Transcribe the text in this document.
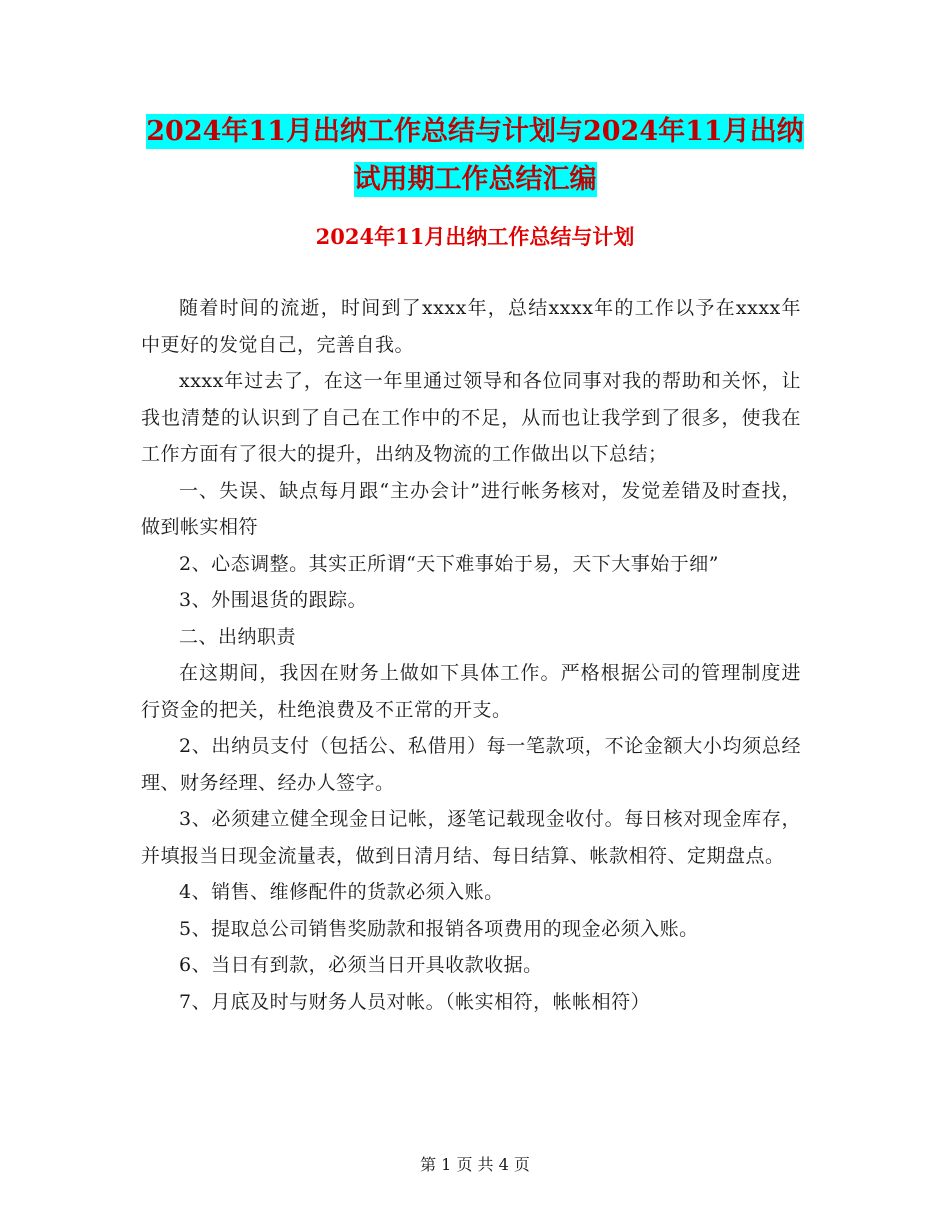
2024年11月出纳工作总结与计划与2024年11月出纳
试用期工作总结汇编
2024年11月出纳工作总结与计划

随着时间的流逝，时间到了xxxx年，总结xxxx年的工作以予在xxxx年中更好的发觉自己，完善自我。

xxxx年过去了，在这一年里通过领导和各位同事对我的帮助和关怀，让我也清楚的认识到了自己在工作中的不足，从而也让我学到了很多，使我在工作方面有了很大的提升，出纳及物流的工作做出以下总结；

一、失误、缺点每月跟“主办会计”进行帐务核对，发觉差错及时查找，做到帐实相符

2、心态调整。其实正所谓“天下难事始于易，天下大事始于细”

3、外围退货的跟踪。

二、出纳职责

在这期间，我因在财务上做如下具体工作。严格根据公司的管理制度进行资金的把关，杜绝浪费及不正常的开支。

2、出纳员支付（包括公、私借用）每一笔款项，不论金额大小均须总经理、财务经理、经办人签字。

3、必须建立健全现金日记帐，逐笔记载现金收付。每日核对现金库存，并填报当日现金流量表，做到日清月结、每日结算、帐款相符、定期盘点。

4、销售、维修配件的货款必须入账。

5、提取总公司销售奖励款和报销各项费用的现金必须入账。

6、当日有到款，必须当日开具收款收据。

7、月底及时与财务人员对帐。（帐实相符，帐帐相符）

第 1 页 共 4 页
